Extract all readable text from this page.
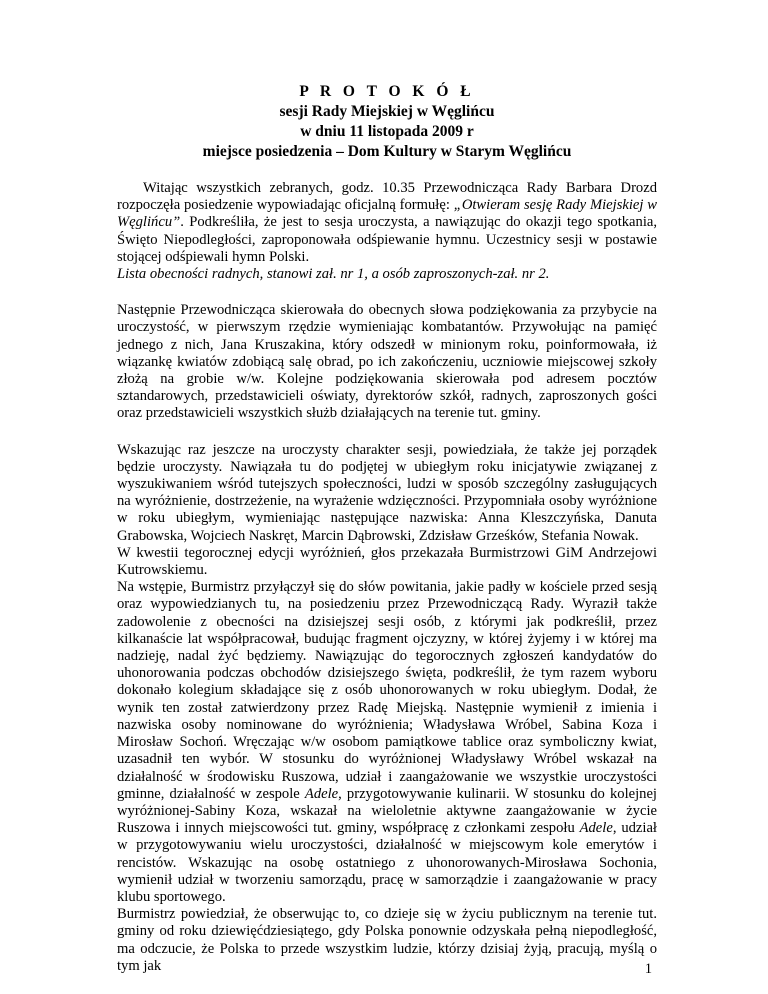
P R O T O K Ó Ł
sesji Rady Miejskiej w Węglińcu
w dniu 11 listopada 2009 r
miejsce posiedzenia – Dom Kultury w Starym Węglińcu

Witając wszystkich zebranych, godz. 10.35 Przewodnicząca Rady Barbara Drozd rozpoczęła posiedzenie wypowiadając oficjalną formułę: „Otwieram sesję Rady Miejskiej w Węglińcu”. Podkreśliła, że jest to sesja uroczysta, a nawiązując do okazji tego spotkania, Święto Niepodległości, zaproponowała odśpiewanie hymnu. Uczestnicy sesji w postawie stojącej odśpiewali hymn Polski.

Lista obecności radnych, stanowi zał. nr 1, a osób zaproszonych-zał. nr 2.

Następnie Przewodnicząca skierowała do obecnych słowa podziękowania za przybycie na uroczystość, w pierwszym rzędzie wymieniając kombatantów. Przywołując na pamięć jednego z nich, Jana Kruszakina, który odszedł w minionym roku, poinformowała, iż wiązankę kwiatów zdobiącą salę obrad, po ich zakończeniu, uczniowie miejscowej szkoły złożą na grobie w/w. Kolejne podziękowania skierowała pod adresem pocztów sztandarowych, przedstawicieli oświaty, dyrektorów szkół, radnych, zaproszonych gości oraz przedstawicieli wszystkich służb działających na terenie tut. gminy.

Wskazując raz jeszcze na uroczysty charakter sesji, powiedziała, że także jej porządek będzie uroczysty. Nawiązała tu do podjętej w ubiegłym roku inicjatywie związanej z wyszukiwaniem wśród tutejszych społeczności, ludzi w sposób szczególny zasługujących na wyróżnienie, dostrzeżenie, na wyrażenie wdzięczności. Przypomniała osoby wyróżnione w roku ubiegłym, wymieniając następujące nazwiska: Anna Kleszczyńska, Danuta Grabowska, Wojciech Naskręt, Marcin Dąbrowski, Zdzisław Grześków, Stefania Nowak.

W kwestii tegorocznej edycji wyróżnień, głos przekazała Burmistrzowi GiM Andrzejowi Kutrowskiemu.

Na wstępie, Burmistrz przyłączył się do słów powitania, jakie padły w kościele przed sesją oraz wypowiedzianych tu, na posiedzeniu przez Przewodniczącą Rady. Wyraził także zadowolenie z obecności na dzisiejszej sesji osób, z którymi jak podkreślił, przez kilkanaście lat współpracował, budując fragment ojczyzny, w której żyjemy i w której ma nadzieję, nadal żyć będziemy. Nawiązując do tegorocznych zgłoszeń kandydatów do uhonorowania podczas obchodów dzisiejszego święta, podkreślił, że tym razem wyboru dokonało kolegium składające się z osób uhonorowanych w roku ubiegłym. Dodał, że wynik ten został zatwierdzony przez Radę Miejską. Następnie wymienił z imienia i nazwiska osoby nominowane do wyróżnienia; Władysława Wróbel, Sabina Koza i Mirosław Sochoń. Wręczając w/w osobom pamiątkowe tablice oraz symboliczny kwiat, uzasadnił ten wybór. W stosunku do wyróżnionej Władysławy Wróbel wskazał na działalność w środowisku Ruszowa, udział i zaangażowanie we wszystkie uroczystości gminne, działalność w zespole Adele, przygotowywanie kulinarii. W stosunku do kolejnej wyróżnionej-Sabiny Koza, wskazał na wieloletnie aktywne zaangażowanie w życie Ruszowa i innych miejscowości tut. gminy, współpracę z członkami zespołu Adele, udział w przygotowywaniu wielu uroczystości, działalność w miejscowym kole emerytów i rencistów. Wskazując na osobę ostatniego z uhonorowanych-Mirosława Sochonia, wymienił udział w tworzeniu samorządu, pracę w samorządzie i zaangażowanie w pracy klubu sportowego.

Burmistrz powiedział, że obserwując to, co dzieje się w życiu publicznym na terenie tut. gminy od roku dziewięćdziesiątego, gdy Polska ponownie odzyskała pełną niepodległość, ma odczucie, że Polska to przede wszystkim ludzie, którzy dzisiaj żyją, pracują, myślą o tym jak	1
